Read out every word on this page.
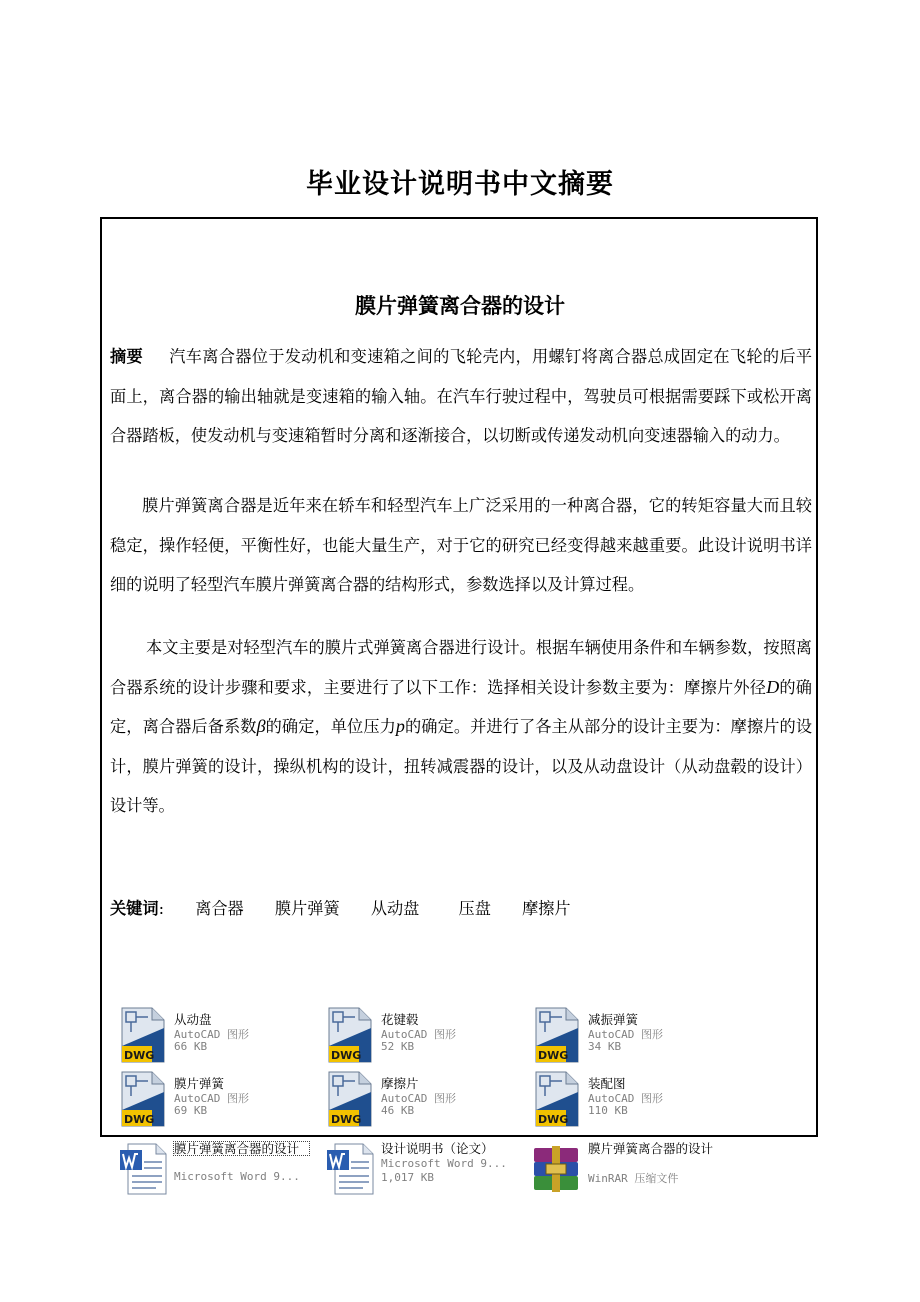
毕业设计说明书中文摘要
膜片弹簧离合器的设计

摘要 汽车离合器位于发动机和变速箱之间的飞轮壳内，用螺钉将离合器总成固定在飞轮的后平面上，离合器的输出轴就是变速箱的输入轴。在汽车行驶过程中，驾驶员可根据需要踩下或松开离合器踏板，使发动机与变速箱暂时分离和逐渐接合，以切断或传递发动机向变速器输入的动力。

膜片弹簧离合器是近年来在轿车和轻型汽车上广泛采用的一种离合器，它的转矩容量大而且较稳定，操作轻便，平衡性好，也能大量生产，对于它的研究已经变得越来越重要。此设计说明书详细的说明了轻型汽车膜片弹簧离合器的结构形式，参数选择以及计算过程。

本文主要是对轻型汽车的膜片式弹簧离合器进行设计。根据车辆使用条件和车辆参数，按照离合器系统的设计步骤和要求，主要进行了以下工作：选择相关设计参数主要为：摩擦片外径D的确定，离合器后备系数β的确定，单位压力p的确定。并进行了各主从部分的设计主要为：摩擦片的设计，膜片弹簧的设计，操纵机构的设计，扭转减震器的设计，以及从动盘设计（从动盘毂的设计）设计等。

关键词: 离合器 膜片弹簧 从动盘 压盘 摩擦片
DWG
从动盘
AutoCAD 图形
66 KB
DWG
花键毂
AutoCAD 图形
52 KB
DWG
减振弹簧
AutoCAD 图形
34 KB
DWG
膜片弹簧
AutoCAD 图形
69 KB
DWG
摩擦片
AutoCAD 图形
46 KB
DWG
装配图
AutoCAD 图形
110 KB
膜片弹簧离合器的设计
Microsoft Word 9...
设计说明书（论文）
Microsoft Word 9...
1,017 KB
膜片弹簧离合器的设计
WinRAR 压缩文件
